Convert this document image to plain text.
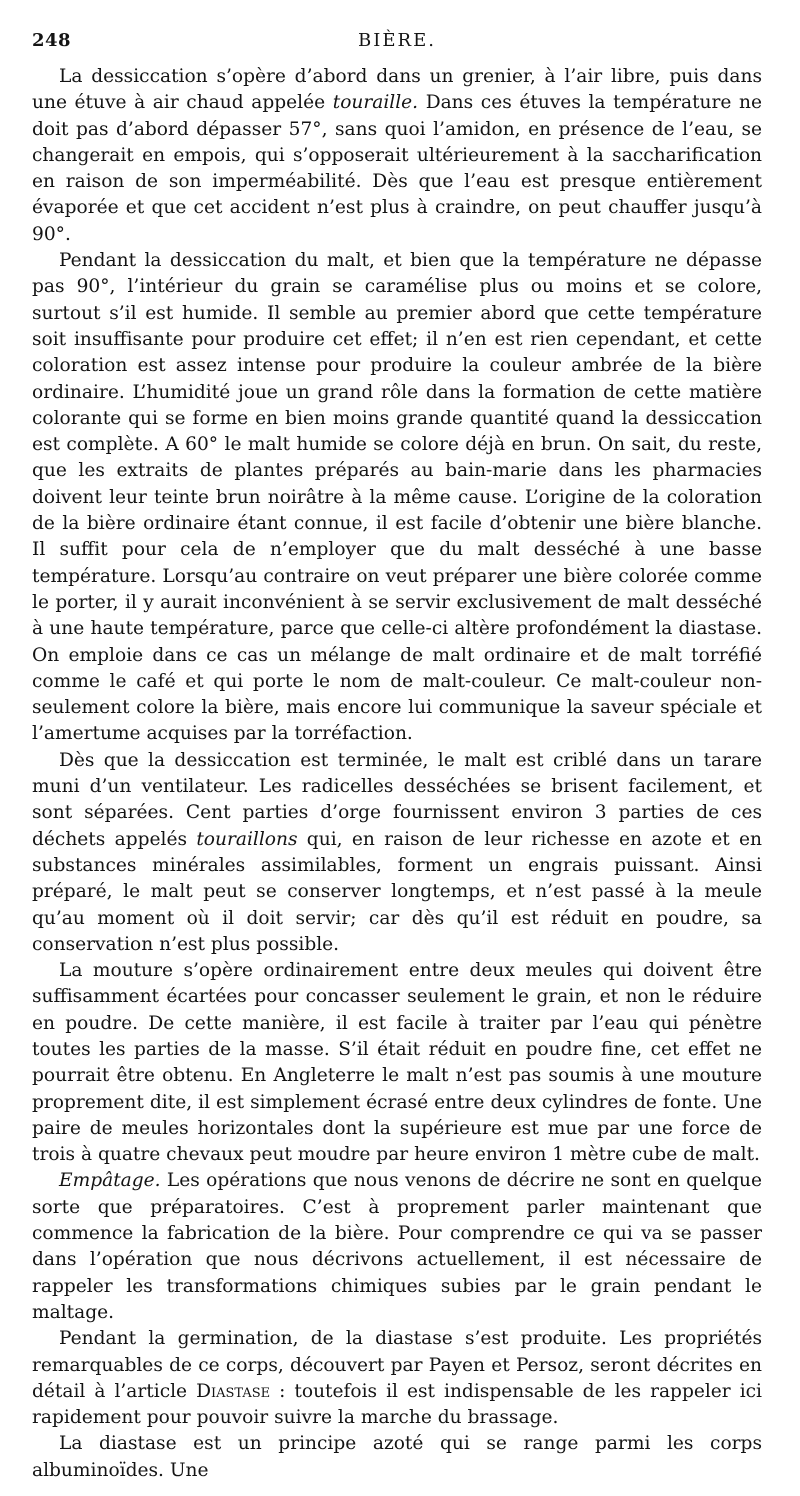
248	BIÈRE.

La dessiccation s’opère d’abord dans un grenier, à l’air libre, puis dans une étuve à air chaud appelée touraille. Dans ces étuves la température ne doit pas d’abord dépasser 57°, sans quoi l’amidon, en présence de l’eau, se changerait en empois, qui s’opposerait ultérieurement à la saccharification en raison de son imperméabilité. Dès que l’eau est presque entièrement évaporée et que cet accident n’est plus à craindre, on peut chauffer jusqu’à 90°.

Pendant la dessiccation du malt, et bien que la température ne dépasse pas 90°, l’intérieur du grain se caramélise plus ou moins et se colore, surtout s’il est humide. Il semble au premier abord que cette température soit insuffisante pour produire cet effet; il n’en est rien cependant, et cette coloration est assez intense pour produire la couleur ambrée de la bière ordinaire. L’humidité joue un grand rôle dans la formation de cette matière colorante qui se forme en bien moins grande quantité quand la dessiccation est complète. A 60° le malt humide se colore déjà en brun. On sait, du reste, que les extraits de plantes préparés au bain-marie dans les pharmacies doivent leur teinte brun noirâtre à la même cause. L’origine de la coloration de la bière ordinaire étant connue, il est facile d’obtenir une bière blanche. Il suffit pour cela de n’employer que du malt desséché à une basse température. Lorsqu’au contraire on veut préparer une bière colorée comme le porter, il y aurait inconvénient à se servir exclusivement de malt desséché à une haute température, parce que celle-ci altère profondément la diastase. On emploie dans ce cas un mélange de malt ordinaire et de malt torréfié comme le café et qui porte le nom de malt-couleur. Ce malt-couleur non-seulement colore la bière, mais encore lui communique la saveur spéciale et l’amertume acquises par la torréfaction.

Dès que la dessiccation est terminée, le malt est criblé dans un tarare muni d’un ventilateur. Les radicelles desséchées se brisent facilement, et sont séparées. Cent parties d’orge fournissent environ 3 parties de ces déchets appelés touraillons qui, en raison de leur richesse en azote et en substances minérales assimilables, forment un engrais puissant. Ainsi préparé, le malt peut se conserver longtemps, et n’est passé à la meule qu’au moment où il doit servir; car dès qu’il est réduit en poudre, sa conservation n’est plus possible.

La mouture s’opère ordinairement entre deux meules qui doivent être suffisamment écartées pour concasser seulement le grain, et non le réduire en poudre. De cette manière, il est facile à traiter par l’eau qui pénètre toutes les parties de la masse. S’il était réduit en poudre fine, cet effet ne pourrait être obtenu. En Angleterre le malt n’est pas soumis à une mouture proprement dite, il est simplement écrasé entre deux cylindres de fonte. Une paire de meules horizontales dont la supérieure est mue par une force de trois à quatre chevaux peut moudre par heure environ 1 mètre cube de malt.

Empâtage. Les opérations que nous venons de décrire ne sont en quelque sorte que préparatoires. C’est à proprement parler maintenant que commence la fabrication de la bière. Pour comprendre ce qui va se passer dans l’opération que nous décrivons actuellement, il est nécessaire de rappeler les transformations chimiques subies par le grain pendant le maltage.

Pendant la germination, de la diastase s’est produite. Les propriétés remarquables de ce corps, découvert par Payen et Persoz, seront décrites en détail à l’article Diastase : toutefois il est indispensable de les rappeler ici rapidement pour pouvoir suivre la marche du brassage.

La diastase est un principe azoté qui se range parmi les corps albuminoïdes. Une
